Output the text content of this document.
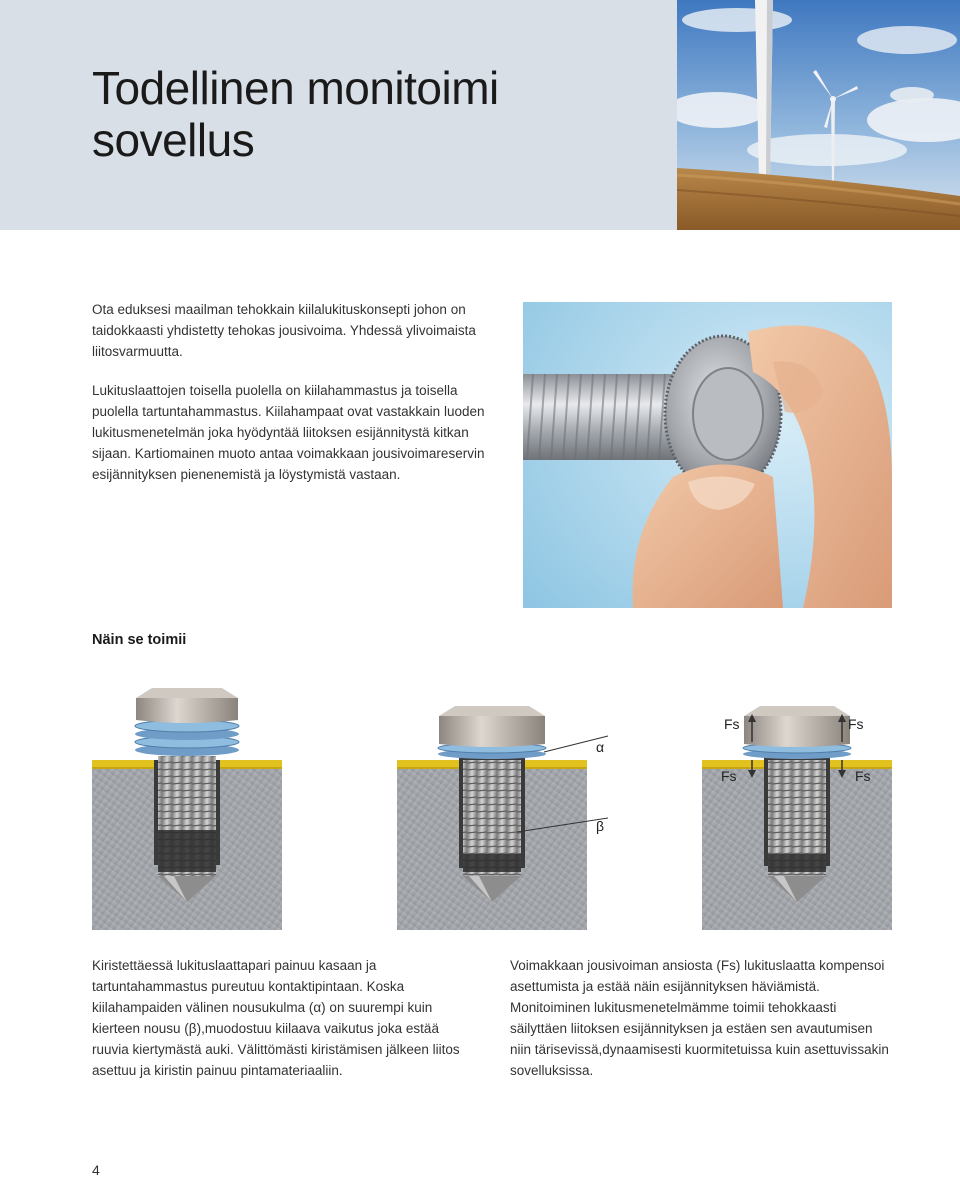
Todellinen monitoimi sovellus

Ota eduksesi maailman tehokkain kiilalukituskonsepti johon on taidokkaasti yhdistetty tehokas jousivoima. Yhdessä ylivoimaista liitosvarmuutta.

Lukituslaattojen toisella puolella on kiilahammastus ja toisella puolella tartuntahammastus. Kiilahampaat ovat vastakkain luoden lukitusmenetelmän joka hyödyntää liitoksen esijännitystä kitkan sijaan. Kartiomainen muoto antaa voimakkaan jousivoimareservin esijännityksen pienenemistä ja löystymistä vastaan.

Näin se toimii
α
β
Fs	Fs
Fs	Fs

Kiristettäessä lukituslaattapari painuu kasaan ja tartuntahammastus pureutuu kontaktipintaan. Koska kiilahampaiden välinen nousukulma (α) on suurempi kuin kierteen nousu (β),muodostuu kiilaava vaikutus joka estää ruuvia kiertymästä auki. Välittömästi kiristämisen jälkeen liitos asettuu ja kiristin painuu pintamateriaaliin.

Voimakkaan jousivoiman ansiosta (Fs) lukituslaatta kompensoi asettumista ja estää näin esijännityksen häviämistä. Monitoiminen lukitusmenetelmämme toimii tehokkaasti säilyttäen liitoksen esijännityksen ja estäen sen avautumisen niin tärisevissä,dynaamisesti kuormitetuissa kuin asettuvissakin sovelluksissa.

4
